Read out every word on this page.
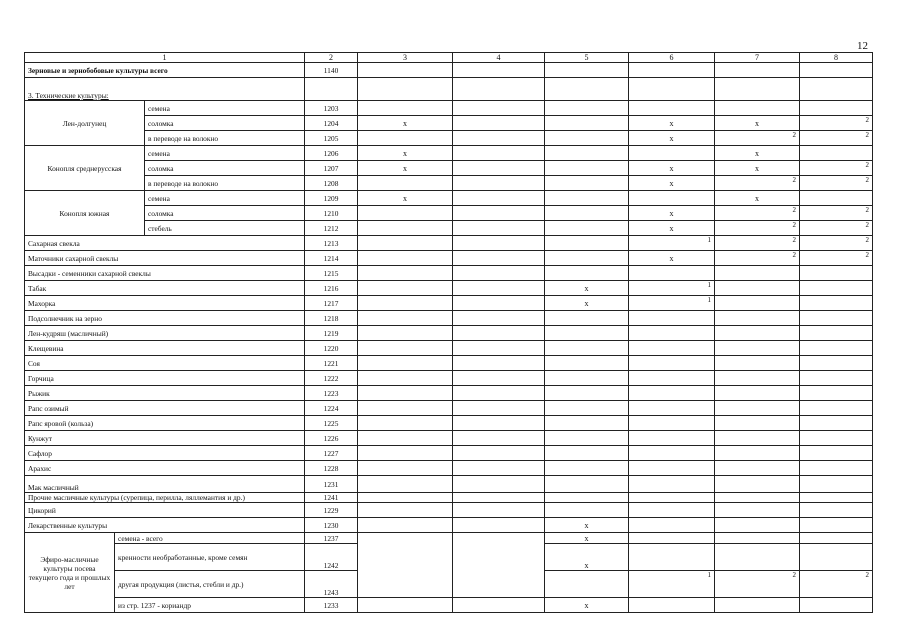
12
1			2	3	4	5	6	7	8
Зерновые и зернобобовые культуры всего			1140						
3. Технические культуры:									
Лен-долгунец		семена	1203						
		соломка	1204	x			x	x	2

		в переводе на волокно	1205				x	2	2

Конопля среднерусская		семена	1206	x				x	
		соломка	1207	x			x	x	2

		в переводе на волокно	1208				x	2	2

Конопля южная		семена	1209	x				x	
		соломка	1210				x	2	2

		стебель	1212				x	2	2

Сахарная свекла			1213				1	2	2

Маточники сахарной свеклы			1214				x	2	2

Высадки - семенники сахарной свеклы			1215						
Табак			1216			x	1		

Махорка			1217			x	1		

Подсолнечник на зерно			1218						
Лен-кудряш (масличный)			1219						
Клещевина			1220						
Соя			1221						
Горчица			1222						
Рыжик			1223						
Рапс озимый			1224						
Рапс яровой (кольза)			1225						
Кунжут			1226						
Сафлор			1227						
Арахис			1228						
Мак масличный			1231						
Прочие масличные культуры (сурепица, перилла, ляллемантия и др.)			1241						
Цикорий			1229						
Лекарственные культуры			1230			x			
Эфиро-масличные культуры посева текущего года и прошлых лет	семена - всего		1237			x			
	кренности необработанные, кроме семян		1242			x			
	другая продукция (листья, стебли и др.)		1243				1	2	2

	из стр. 1237 - кориандр		1233			x			
